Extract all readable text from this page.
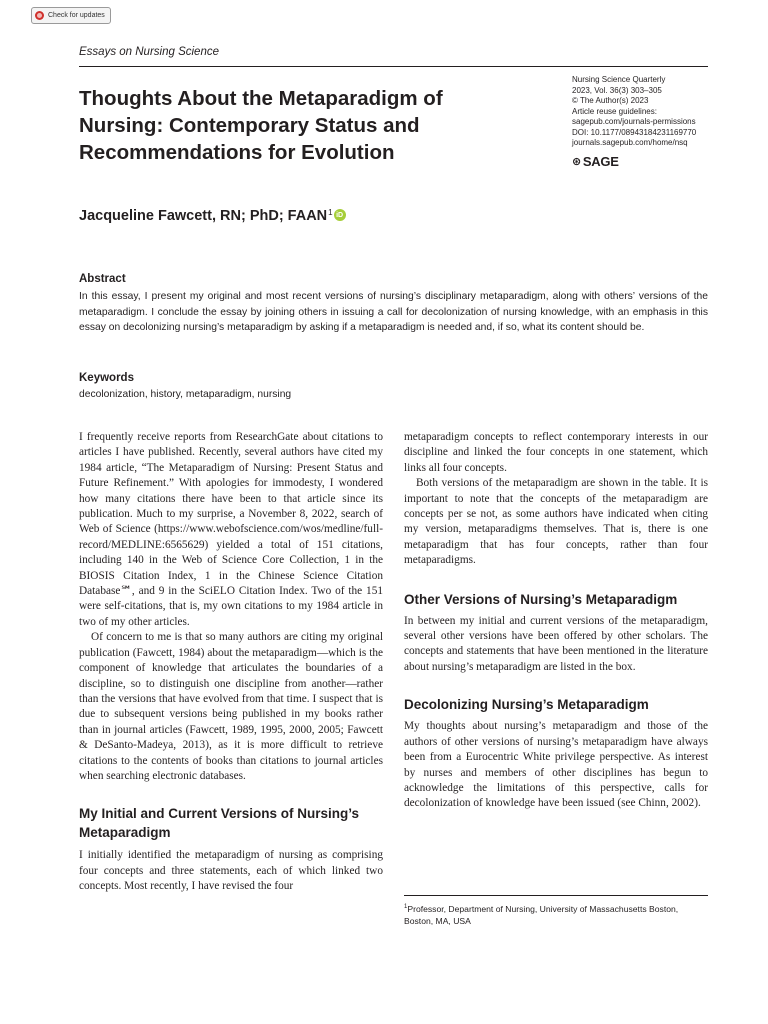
Check for updates
Essays on Nursing Science
Thoughts About the Metaparadigm of Nursing: Contemporary Status and Recommendations for Evolution
Nursing Science Quarterly
2023, Vol. 36(3) 303–305
© The Author(s) 2023
Article reuse guidelines:
sagepub.com/journals-permissions
DOI: 10.1177/08943184231169770
journals.sagepub.com/home/nsq
⊛ SAGE
Jacqueline Fawcett, RN; PhD; FAAN$^1$ iD
Abstract

In this essay, I present my original and most recent versions of nursing’s disciplinary metaparadigm, along with others’ versions of the metaparadigm. I conclude the essay by joining others in issuing a call for decolonization of nursing knowledge, with an emphasis in this essay on decolonizing nursing’s metaparadigm by asking if a metaparadigm is needed and, if so, what its content should be.

Keywords

decolonization, history, metaparadigm, nursing

I frequently receive reports from ResearchGate about citations to articles I have published. Recently, several authors have cited my 1984 article, “The Metaparadigm of Nursing: Present Status and Future Refinement.” With apologies for immodesty, I wondered how many citations there have been to that article since its publication. Much to my surprise, a November 8, 2022, search of Web of Science (https://www.webofscience.com/wos/medline/full-record/MEDLINE:6565629) yielded a total of 151 citations, including 140 in the Web of Science Core Collection, 1 in the BIOSIS Citation Index, 1 in the Chinese Science Citation Database℠, and 9 in the SciELO Citation Index. Two of the 151 were self-citations, that is, my own citations to my 1984 article in two of my other articles.

Of concern to me is that so many authors are citing my original publication (Fawcett, 1984) about the metaparadigm—which is the component of knowledge that articulates the boundaries of a discipline, so to distinguish one discipline from another—rather than the versions that have evolved from that time. I suspect that is due to subsequent versions being published in my books rather than in journal articles (Fawcett, 1989, 1995, 2000, 2005; Fawcett & DeSanto-Madeya, 2013), as it is more difficult to retrieve citations to the contents of books than citations to journal articles when searching electronic databases.

My Initial and Current Versions of Nursing’s Metaparadigm

I initially identified the metaparadigm of nursing as comprising four concepts and three statements, each of which linked two concepts. Most recently, I have revised the four

metaparadigm concepts to reflect contemporary interests in our discipline and linked the four concepts in one statement, which links all four concepts.

Both versions of the metaparadigm are shown in the table. It is important to note that the concepts of the metaparadigm are concepts per se not, as some authors have indicated when citing my version, metaparadigms themselves. That is, there is one metaparadigm that has four concepts, rather than four metaparadigms.

Other Versions of Nursing’s Metaparadigm

In between my initial and current versions of the metaparadigm, several other versions have been offered by other scholars. The concepts and statements that have been mentioned in the literature about nursing’s metaparadigm are listed in the box.

Decolonizing Nursing’s Metaparadigm

My thoughts about nursing’s metaparadigm and those of the authors of other versions of nursing’s metaparadigm have always been from a Eurocentric White privilege perspective. As interest by nurses and members of other disciplines has begun to acknowledge the limitations of this perspective, calls for decolonization of knowledge have been issued (see Chinn, 2002).

$^1$Professor, Department of Nursing, University of Massachusetts Boston, Boston, MA, USA
